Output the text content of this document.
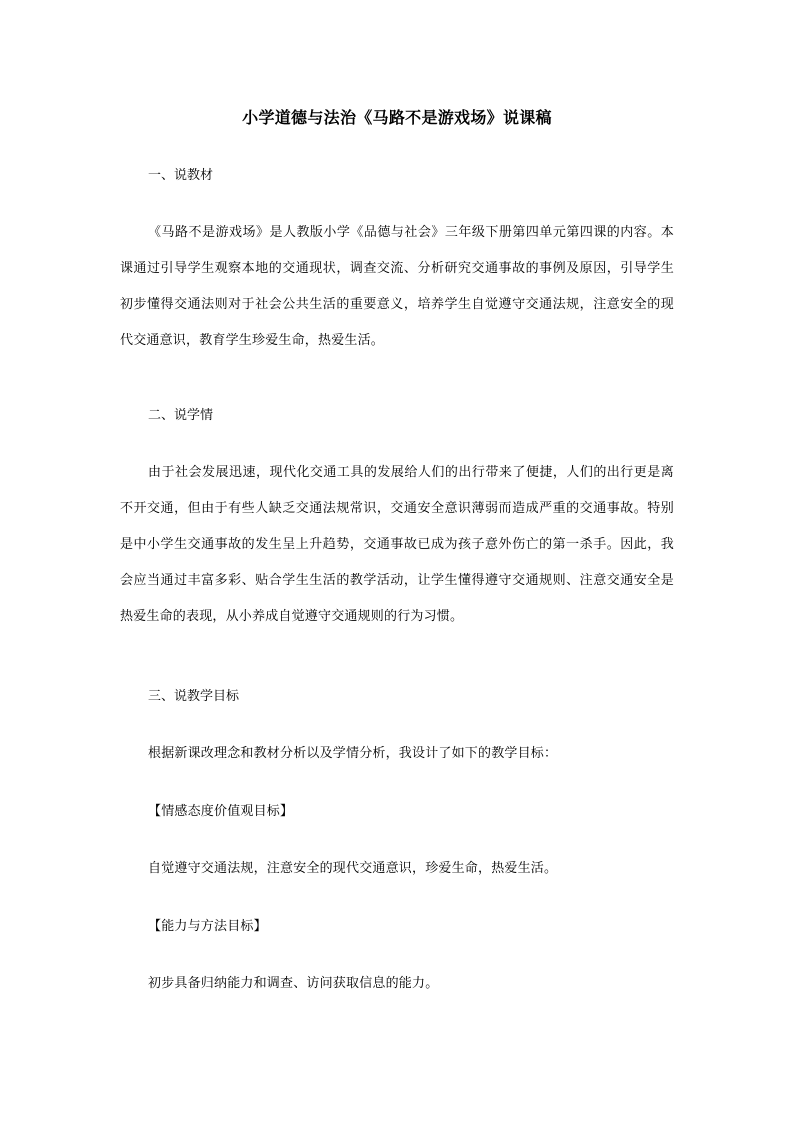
小学道德与法治《马路不是游戏场》说课稿
一、说教材
《马路不是游戏场》是人教版小学《品德与社会》三年级下册第四单元第四课的内容。本课通过引导学生观察本地的交通现状，调查交流、分析研究交通事故的事例及原因，引导学生初步懂得交通法则对于社会公共生活的重要意义，培养学生自觉遵守交通法规，注意安全的现代交通意识，教育学生珍爱生命，热爱生活。
二、说学情
由于社会发展迅速，现代化交通工具的发展给人们的出行带来了便捷，人们的出行更是离不开交通，但由于有些人缺乏交通法规常识，交通安全意识薄弱而造成严重的交通事故。特别是中小学生交通事故的发生呈上升趋势，交通事故已成为孩子意外伤亡的第一杀手。因此，我会应当通过丰富多彩、贴合学生生活的教学活动，让学生懂得遵守交通规则、注意交通安全是热爱生命的表现，从小养成自觉遵守交通规则的行为习惯。
三、说教学目标
根据新课改理念和教材分析以及学情分析，我设计了如下的教学目标：
【情感态度价值观目标】
自觉遵守交通法规，注意安全的现代交通意识，珍爱生命，热爱生活。
【能力与方法目标】
初步具备归纳能力和调查、访问获取信息的能力。
